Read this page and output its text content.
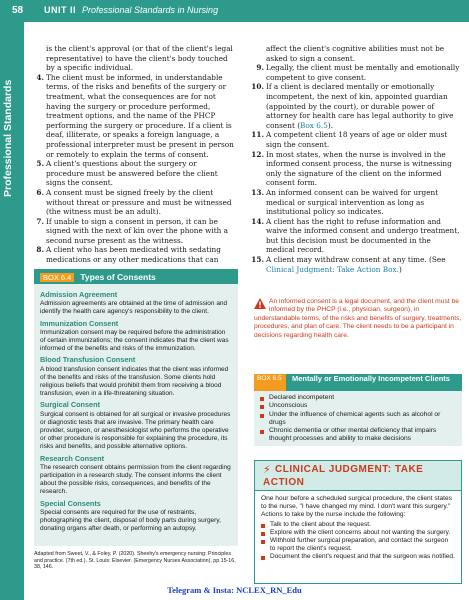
58 UNIT II Professional Standards in Nursing
Professional Standards
is the client's approval (or that of the client's legal representative) to have the client's body touched by a specific individual.
4. The client must be informed, in understandable terms, of the risks and benefits of the surgery or treatment, what the consequences are for not having the surgery or procedure performed, treatment options, and the name of the PHCP performing the surgery or procedure. If a client is deaf, illiterate, or speaks a foreign language, a professional interpreter must be present in person or remotely to explain the terms of consent.
5. A client's questions about the surgery or procedure must be answered before the client signs the consent.
6. A consent must be signed freely by the client without threat or pressure and must be witnessed (the witness must be an adult).
7. If unable to sign a consent in person, it can be signed with the next of kin over the phone with a second nurse present as the witness.
8. A client who has been medicated with sedating medications or any other medications that can
affect the client's cognitive abilities must not be asked to sign a consent.
9. Legally, the client must be mentally and emotionally competent to give consent.
10. If a client is declared mentally or emotionally incompetent, the next of kin, appointed guardian (appointed by the court), or durable power of attorney for health care has legal authority to give consent (Box 6.5).
11. A competent client 18 years of age or older must sign the consent.
12. In most states, when the nurse is involved in the informed consent process, the nurse is witnessing only the signature of the client on the informed consent form.
13. An informed consent can be waived for urgent medical or surgical intervention as long as institutional policy so indicates.
14. A client has the right to refuse information and waive the informed consent and undergo treatment, but this decision must be documented in the medical record.
15. A client may withdraw consent at any time. (See Clinical Judgment: Take Action Box.)
BOX 6.4 Types of Consents
Admission Agreement

Admission agreements are obtained at the time of admission and identify the health care agency's responsibility to the client.

Immunization Consent

Immunization consent may be required before the administration of certain immunizations; the consent indicates that the client was informed of the benefits and risks of the immunization.

Blood Transfusion Consent

A blood transfusion consent indicates that the client was informed of the benefits and risks of the transfusion. Some clients hold religious beliefs that would prohibit them from receiving a blood transfusion, even in a life-threatening situation.

Surgical Consent

Surgical consent is obtained for all surgical or invasive procedures or diagnostic tests that are invasive. The primary health care provider, surgeon, or anesthesiologist who performs the operative or other procedure is responsible for explaining the procedure, its risks and benefits, and possible alternative options.

Research Consent

The research consent obtains permission from the client regarding participation in a research study. The consent informs the client about the possible risks, consequences, and benefits of the research.

Special Consents

Special consents are required for the use of restraints, photographing the client, disposal of body parts during surgery, donating organs after death, or performing an autopsy.

Adapted from Sweet, V., & Foley, P. (2020). Sheehy's emergency nursing: Principles and practice. (7th ed.). St. Louis: Elsevier. (Emergency Nurses Association), pp.15-16, 38, 146.
An informed consent is a legal document, and the client must be informed by the PHCP (i.e., physician, surgeon), in understandable terms, of the risks and benefits of surgery, treatments, procedures, and plan of care. The client needs to be a participant in decisions regarding health care.
BOX 6.5	Mentally or Emotionally Incompetent Clients
Declared incompetent
Unconscious
Under the influence of chemical agents such as alcohol or drugs
Chronic dementia or other mental deficiency that impairs thought processes and ability to make decisions
⚡ CLINICAL JUDGMENT: TAKE
ACTION

One hour before a scheduled surgical procedure, the client states to the nurse, "I have changed my mind. I don't want this surgery." Actions to take by the nurse include the following:

Talk to the client about the request.
Explore with the client concerns about not wanting the surgery.
Withhold further surgical preparation, and contact the surgeon to report the client's request.
Document the client's request and that the surgeon was notified.
Telegram & Insta: NCLEX_RN_Edu
